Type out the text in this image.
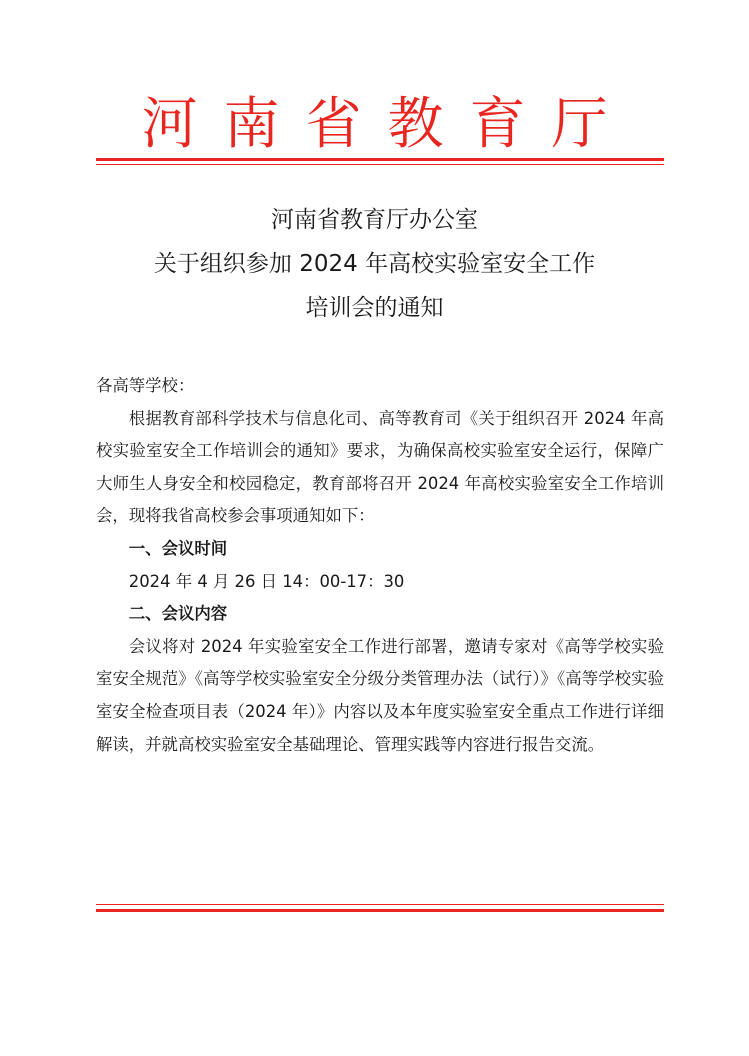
河南省教育厅
河南省教育厅办公室
关于组织参加 2024 年高校实验室安全工作
培训会的通知

各高等学校：

根据教育部科学技术与信息化司、高等教育司《关于组织召开 2024 年高校实验室安全工作培训会的通知》要求，为确保高校实验室安全运行，保障广大师生人身安全和校园稳定，教育部将召开 2024 年高校实验室安全工作培训会，现将我省高校参会事项通知如下：

一、会议时间

2024 年 4 月 26 日 14：00-17：30

二、会议内容

会议将对 2024 年实验室安全工作进行部署，邀请专家对《高等学校实验室安全规范》《高等学校实验室安全分级分类管理办法（试行）》《高等学校实验室安全检查项目表（2024 年）》内容以及本年度实验室安全重点工作进行详细解读，并就高校实验室安全基础理论、管理实践等内容进行报告交流。
